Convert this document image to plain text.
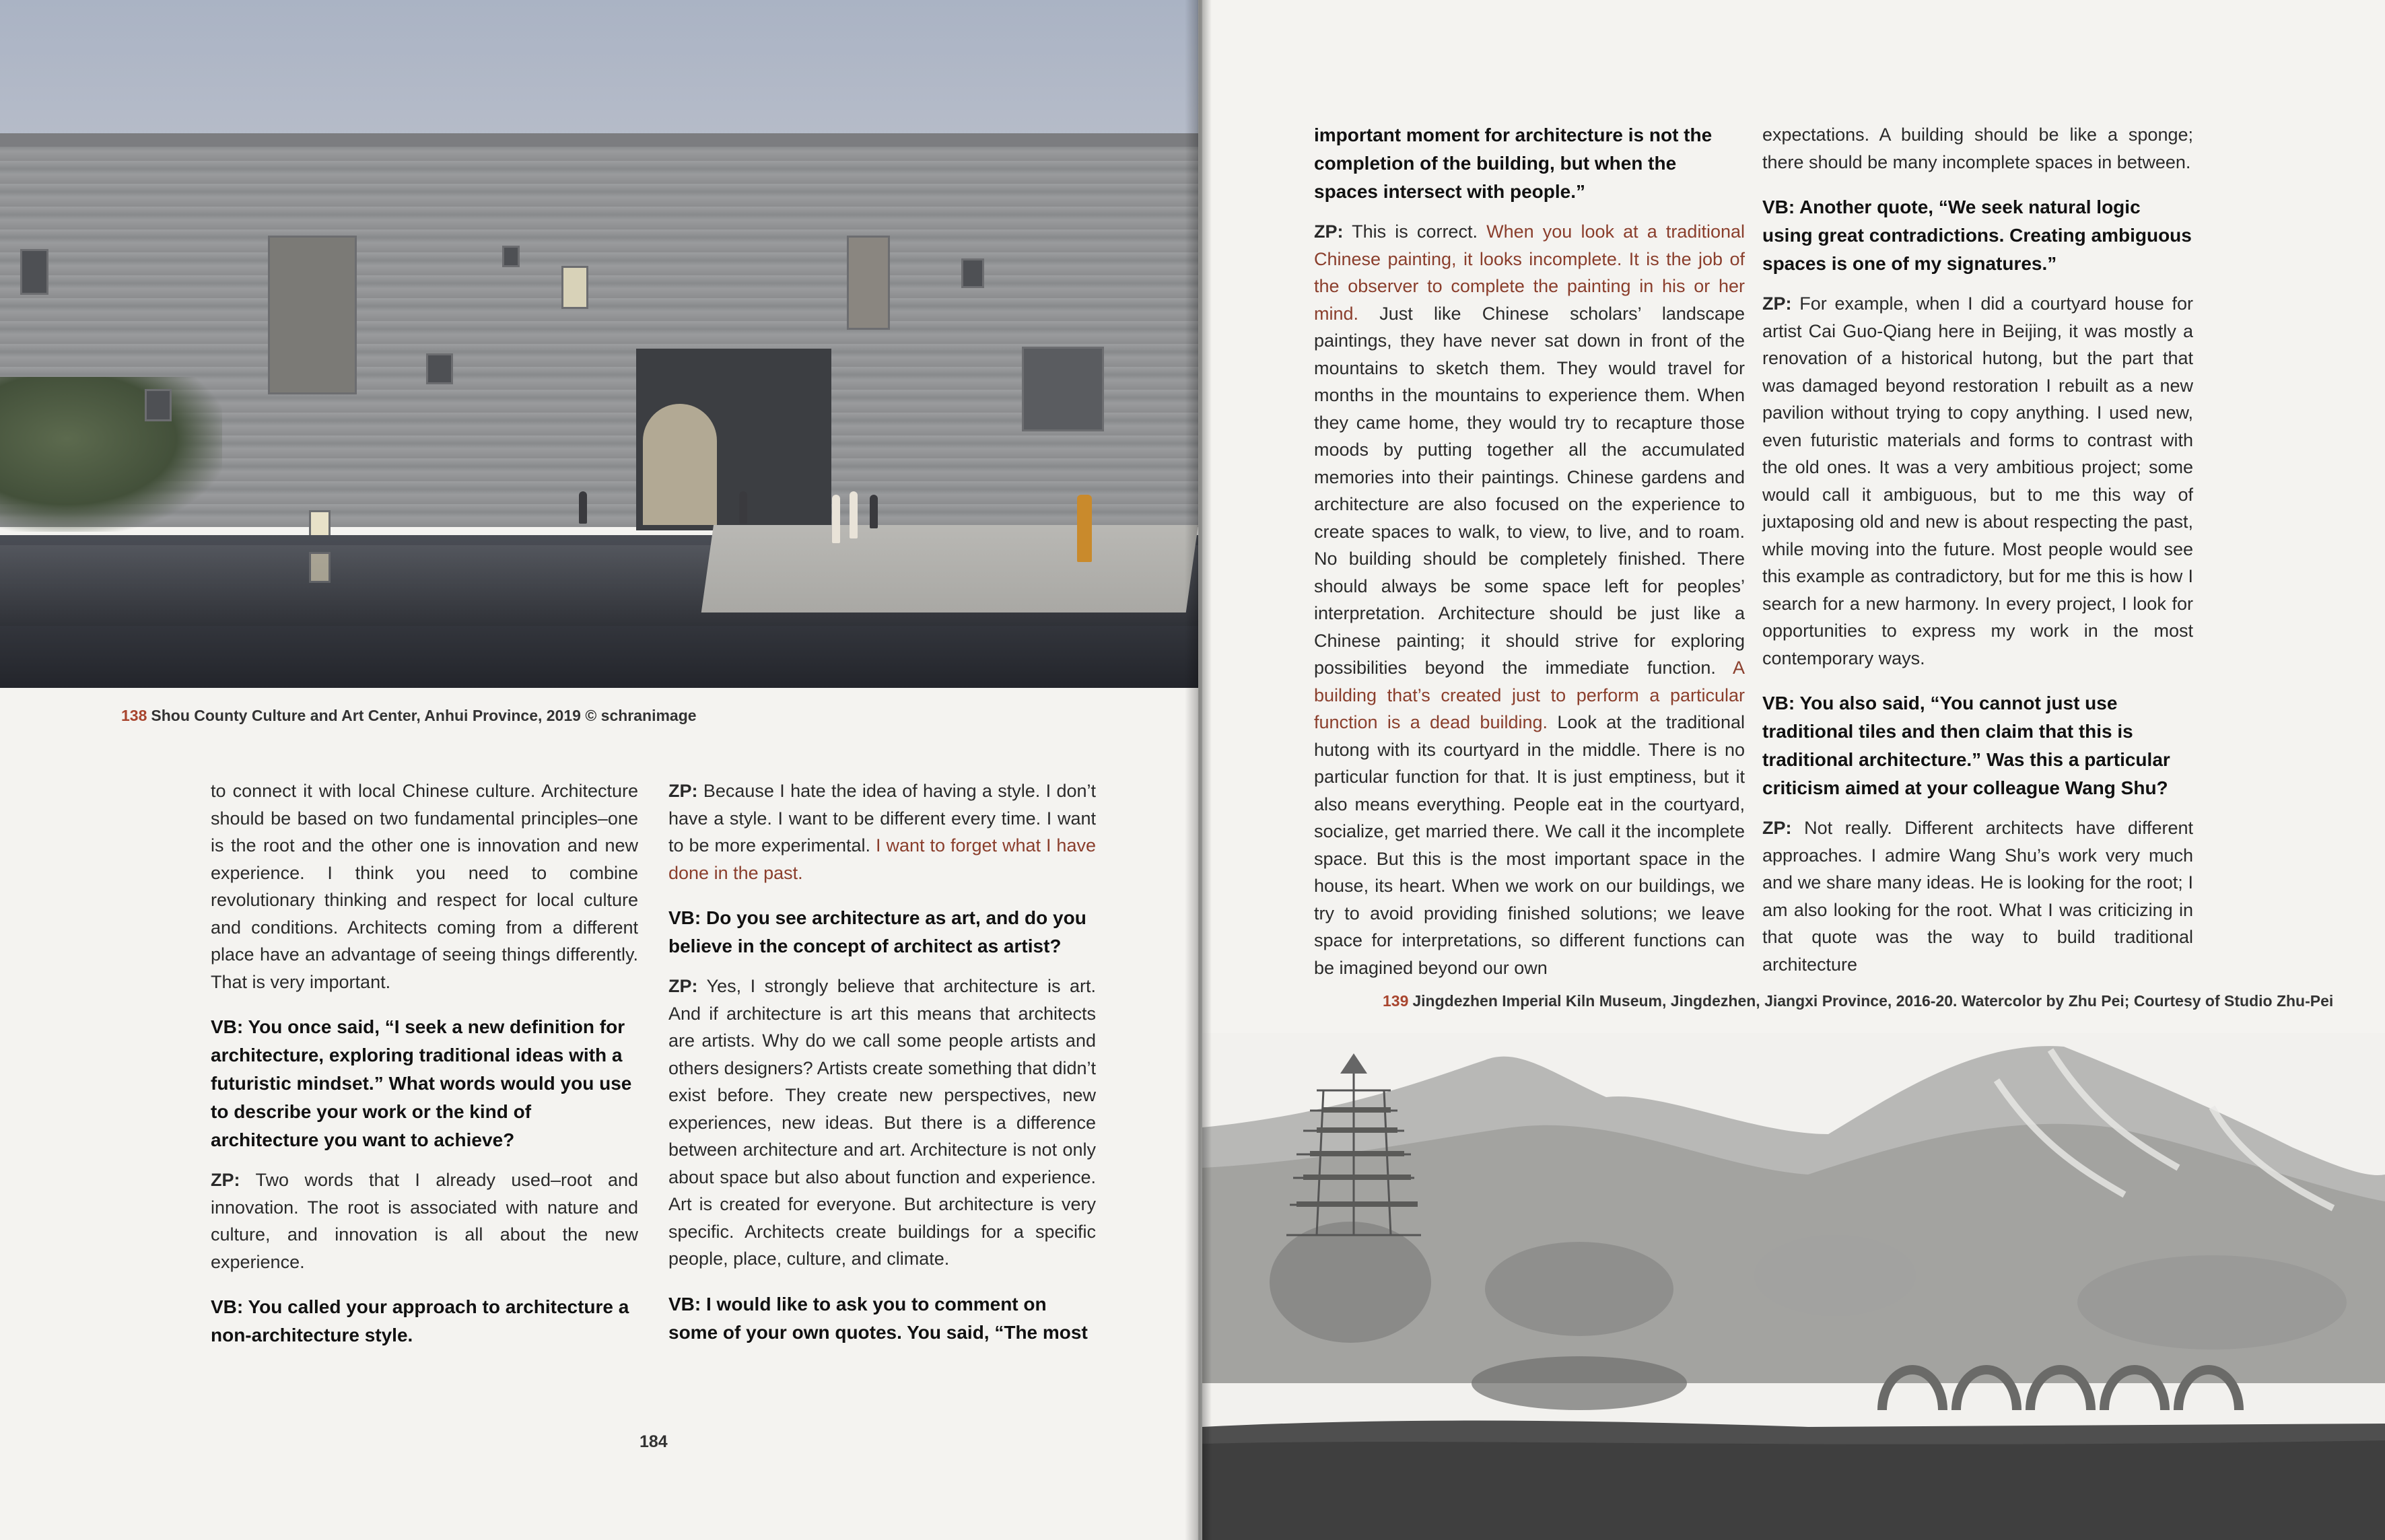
138 Shou County Culture and Art Center, Anhui Province, 2019 © schranimage

to connect it with local Chinese culture. Architecture should be based on two fundamental principles–one is the root and the other one is innovation and new experience. I think you need to combine revolutionary thinking and respect for local culture and conditions. Architects coming from a different place have an advantage of seeing things differently. That is very important.

VB: You once said, “I seek a new definition for architecture, exploring traditional ideas with a futuristic mindset.” What words would you use to describe your work or the kind of architecture you want to achieve?

ZP: Two words that I already used–root and innovation. The root is associated with nature and culture, and innovation is all about the new experience.

VB: You called your approach to architecture a non-architecture style.

ZP: Because I hate the idea of having a style. I don’t have a style. I want to be different every time. I want to be more experimental. I want to forget what I have done in the past.

VB: Do you see architecture as art, and do you believe in the concept of architect as artist?

ZP: Yes, I strongly believe that architecture is art. And if architecture is art this means that architects are artists. Why do we call some people artists and others designers? Artists create something that didn’t exist before. They create new perspectives, new experiences, new ideas. But there is a difference between architecture and art. Architecture is not only about space but also about function and experience. Art is created for everyone. But architecture is very specific. Architects create buildings for a specific people, place, culture, and climate.

VB: I would like to ask you to comment on some of your own quotes. You said, “The most

184

important moment for architecture is not the completion of the building, but when the spaces intersect with people.”

ZP: This is correct. When you look at a traditional Chinese painting, it looks incomplete. It is the job of the observer to complete the painting in his or her mind. Just like Chinese scholars’ landscape paintings, they have never sat down in front of the mountains to sketch them. They would travel for months in the mountains to experience them. When they came home, they would try to recapture those moods by putting together all the accumulated memories into their paintings. Chinese gardens and architecture are also focused on the experience to create spaces to walk, to view, to live, and to roam. No building should be completely finished. There should always be some space left for peoples’ interpretation. Architecture should be just like a Chinese painting; it should strive for exploring possibilities beyond the immediate function. A building that’s created just to perform a particular function is a dead building. Look at the traditional hutong with its courtyard in the middle. There is no particular function for that. It is just emptiness, but it also means everything. People eat in the courtyard, socialize, get married there. We call it the incomplete space. But this is the most important space in the house, its heart. When we work on our buildings, we try to avoid providing finished solutions; we leave space for interpretations, so different functions can be imagined beyond our own

expectations. A building should be like a sponge; there should be many incomplete spaces in between.

VB: Another quote, “We seek natural logic using great contradictions. Creating ambiguous spaces is one of my signatures.”

ZP: For example, when I did a courtyard house for artist Cai Guo-Qiang here in Beijing, it was mostly a renovation of a historical hutong, but the part that was damaged beyond restoration I rebuilt as a new pavilion without trying to copy anything. I used new, even futuristic materials and forms to contrast with the old ones. It was a very ambitious project; some would call it ambiguous, but to me this way of juxtaposing old and new is about respecting the past, while moving into the future. Most people would see this example as contradictory, but for me this is how I search for a new harmony. In every project, I look for opportunities to express my work in the most contemporary ways.

VB: You also said, “You cannot just use traditional tiles and then claim that this is traditional architecture.” Was this a particular criticism aimed at your colleague Wang Shu?

ZP: Not really. Different architects have different approaches. I admire Wang Shu’s work very much and we share many ideas. He is looking for the root; I am also looking for the root. What I was criticizing in that quote was the way to build traditional architecture

139 Jingdezhen Imperial Kiln Museum, Jingdezhen, Jiangxi Province, 2016-20. Watercolor by Zhu Pei; Courtesy of Studio Zhu-Pei
